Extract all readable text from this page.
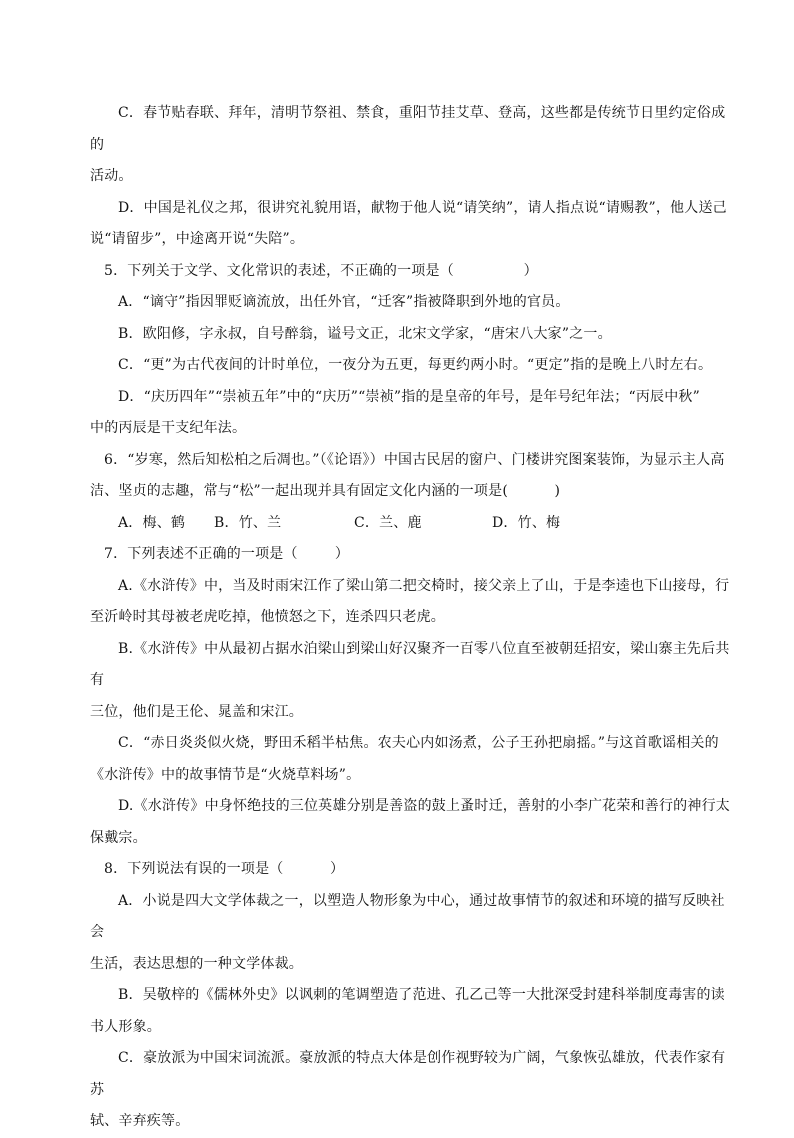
C．春节贴春联、拜年，清明节祭祖、禁食，重阳节挂艾草、登高，这些都是传统节日里约定俗成的

活动。

D．中国是礼仪之邦，很讲究礼貌用语，献物于他人说“请笑纳”，请人指点说“请赐教”，他人送己

说“请留步”，中途离开说“失陪”。

5．下列关于文学、文化常识的表述，不正确的一项是（               ）

A．“谪守”指因罪贬谪流放，出任外官，“迁客”指被降职到外地的官员。

B．欧阳修，字永叔，自号醉翁，谥号文正，北宋文学家，“唐宋八大家”之一。

C．“更”为古代夜间的计时单位，一夜分为五更，每更约两小时。“更定”指的是晚上八时左右。

D．“庆历四年”“崇祯五年”中的“庆历”“崇祯”指的是皇帝的年号，是年号纪年法；“丙辰中秋”

中的丙辰是干支纪年法。

6．“岁寒，然后知松柏之后凋也。”（《论语》）中国古民居的窗户、门楼讲究图案装饰，为显示主人高

洁、坚贞的志趣，常与“松”一起出现并具有固定文化内涵的一项是(          )

A．梅、鹤 B．竹、兰	C．兰、鹿	D．竹、梅

7．下列表述不正确的一项是（        ）

A.《水浒传》中，当及时雨宋江作了梁山第二把交椅时，接父亲上了山，于是李逵也下山接母，行

至沂岭时其母被老虎吃掉，他愤怒之下，连杀四只老虎。

B.《水浒传》中从最初占据水泊梁山到梁山好汉聚齐一百零八位直至被朝廷招安，梁山寨主先后共有

三位，他们是王伦、晁盖和宋江。

C．“赤日炎炎似火烧，野田禾稻半枯焦。农夫心内如汤煮，公子王孙把扇摇。”与这首歌谣相关的

《水浒传》中的故事情节是“火烧草料场”。

D.《水浒传》中身怀绝技的三位英雄分别是善盗的鼓上蚤时迁，善射的小李广花荣和善行的神行太

保戴宗。

8．下列说法有误的一项是（          ）

A．小说是四大文学体裁之一，以塑造人物形象为中心，通过故事情节的叙述和环境的描写反映社会

生活，表达思想的一种文学体裁。

B．吴敬梓的《儒林外史》以讽刺的笔调塑造了范进、孔乙己等一大批深受封建科举制度毒害的读

书人形象。

C．豪放派为中国宋词流派。豪放派的特点大体是创作视野较为广阔，气象恢弘雄放，代表作家有苏

轼、辛弃疾等。
